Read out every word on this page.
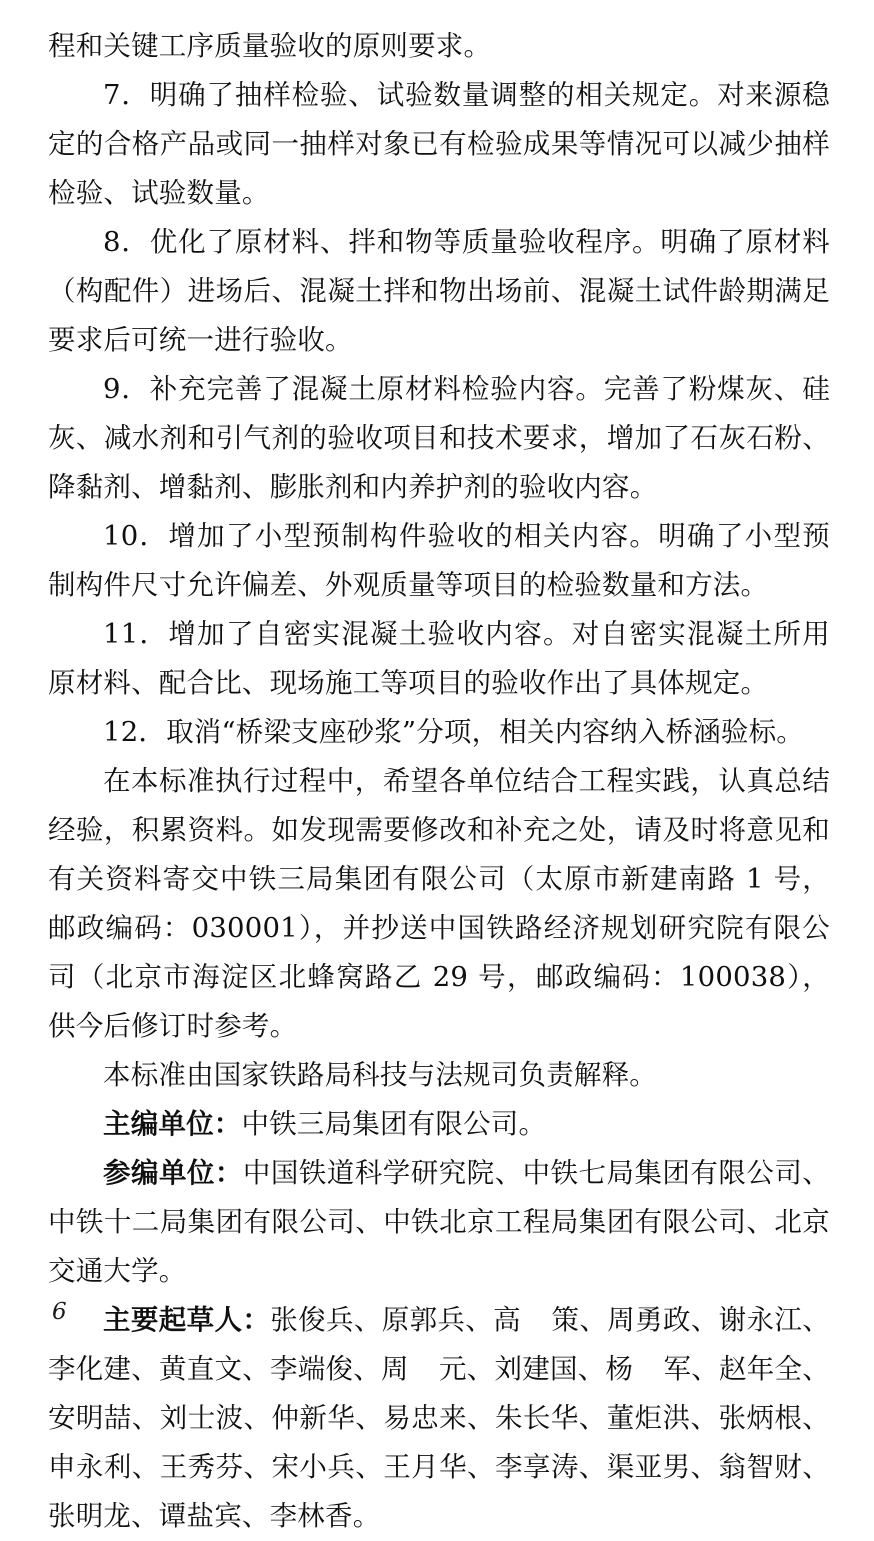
程和关键工序质量验收的原则要求。

7．明确了抽样检验、试验数量调整的相关规定。对来源稳定的合格产品或同一抽样对象已有检验成果等情况可以减少抽样检验、试验数量。

8．优化了原材料、拌和物等质量验收程序。明确了原材料（构配件）进场后、混凝土拌和物出场前、混凝土试件龄期满足要求后可统一进行验收。

9．补充完善了混凝土原材料检验内容。完善了粉煤灰、硅灰、减水剂和引气剂的验收项目和技术要求，增加了石灰石粉、降黏剂、增黏剂、膨胀剂和内养护剂的验收内容。

10．增加了小型预制构件验收的相关内容。明确了小型预制构件尺寸允许偏差、外观质量等项目的检验数量和方法。

11．增加了自密实混凝土验收内容。对自密实混凝土所用原材料、配合比、现场施工等项目的验收作出了具体规定。

12．取消“桥梁支座砂浆”分项，相关内容纳入桥涵验标。

在本标准执行过程中，希望各单位结合工程实践，认真总结经验，积累资料。如发现需要修改和补充之处，请及时将意见和有关资料寄交中铁三局集团有限公司（太原市新建南路 1 号，邮政编码：030001），并抄送中国铁路经济规划研究院有限公司（北京市海淀区北蜂窝路乙 29 号，邮政编码：100038），供今后修订时参考。

本标准由国家铁路局科技与法规司负责解释。

主编单位：中铁三局集团有限公司。

参编单位：中国铁道科学研究院、中铁七局集团有限公司、中铁十二局集团有限公司、中铁北京工程局集团有限公司、北京交通大学。

主要起草人：张俊兵、原郭兵、高 策、周勇政、谢永江、李化建、黄直文、李端俊、周 元、刘建国、杨 军、赵年全、安明喆、刘士波、仲新华、易忠来、朱长华、董炬洪、张炳根、申永利、王秀芬、宋小兵、王月华、李享涛、渠亚男、翁智财、张明龙、谭盐宾、李林香。

6
